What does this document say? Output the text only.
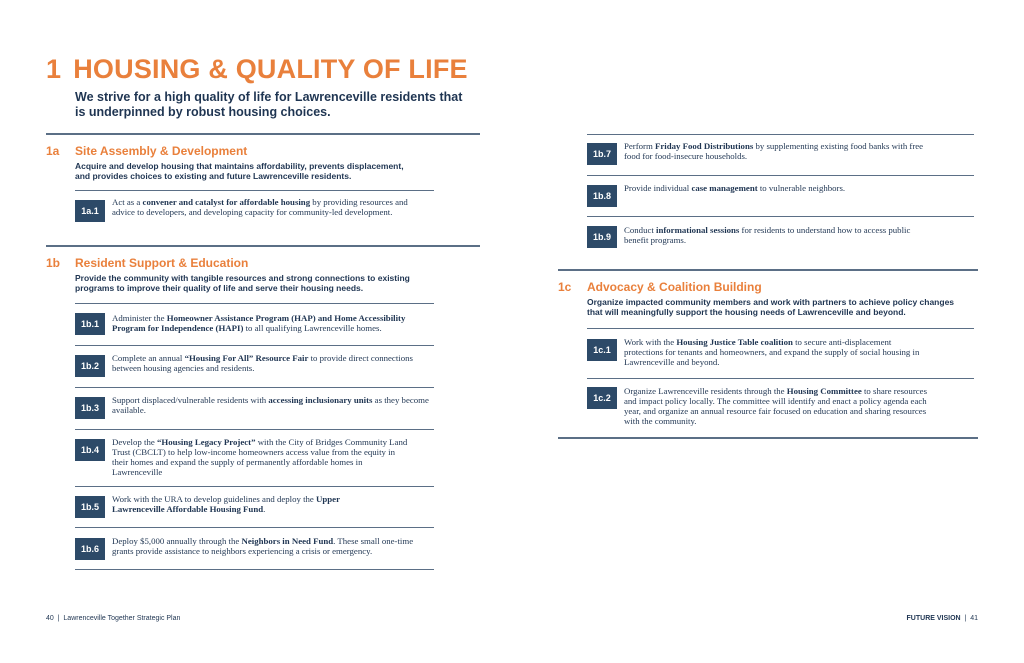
1 HOUSING & QUALITY OF LIFE

We strive for a high quality of life for Lawrenceville residents that is underpinned by robust housing choices.

1a Site Assembly & Development

Acquire and develop housing that maintains affordability, prevents displacement, and provides choices to existing and future Lawrenceville residents.

1a.1

Act as a convener and catalyst for affordable housing by providing resources and advice to developers, and developing capacity for community-led development.

1b Resident Support & Education

Provide the community with tangible resources and strong connections to existing programs to improve their quality of life and serve their housing needs.

1b.1

Administer the Homeowner Assistance Program (HAP) and Home Accessibility Program for Independence (HAPI) to all qualifying Lawrenceville homes.

1b.2

Complete an annual “Housing For All” Resource Fair to provide direct connections between housing agencies and residents.

1b.3

Support displaced/vulnerable residents with accessing inclusionary units as they become available.

1b.4

Develop the “Housing Legacy Project” with the City of Bridges Community Land Trust (CBCLT) to help low-income homeowners access value from the equity in their homes and expand the supply of permanently affordable homes in Lawrenceville

1b.5

Work with the URA to develop guidelines and deploy the Upper Lawrenceville Affordable Housing Fund.

1b.6

Deploy $5,000 annually through the Neighbors in Need Fund. These small one-time grants provide assistance to neighbors experiencing a crisis or emergency.

40 | Lawrenceville Together Strategic Plan
1b.7

Perform Friday Food Distributions by supplementing existing food banks with free food for food-insecure households.

1b.8

Provide individual case management to vulnerable neighbors.

1b.9

Conduct informational sessions for residents to understand how to access public benefit programs.

1c Advocacy & Coalition Building

Organize impacted community members and work with partners to achieve policy changes that will meaningfully support the housing needs of Lawrenceville and beyond.

1c.1

Work with the Housing Justice Table coalition to secure anti-displacement protections for tenants and homeowners, and expand the supply of social housing in Lawrenceville and beyond.

1c.2

Organize Lawrenceville residents through the Housing Committee to share resources and impact policy locally. The committee will identify and enact a policy agenda each year, and organize an annual resource fair focused on education and sharing resources with the community.

FUTURE VISION | 41
